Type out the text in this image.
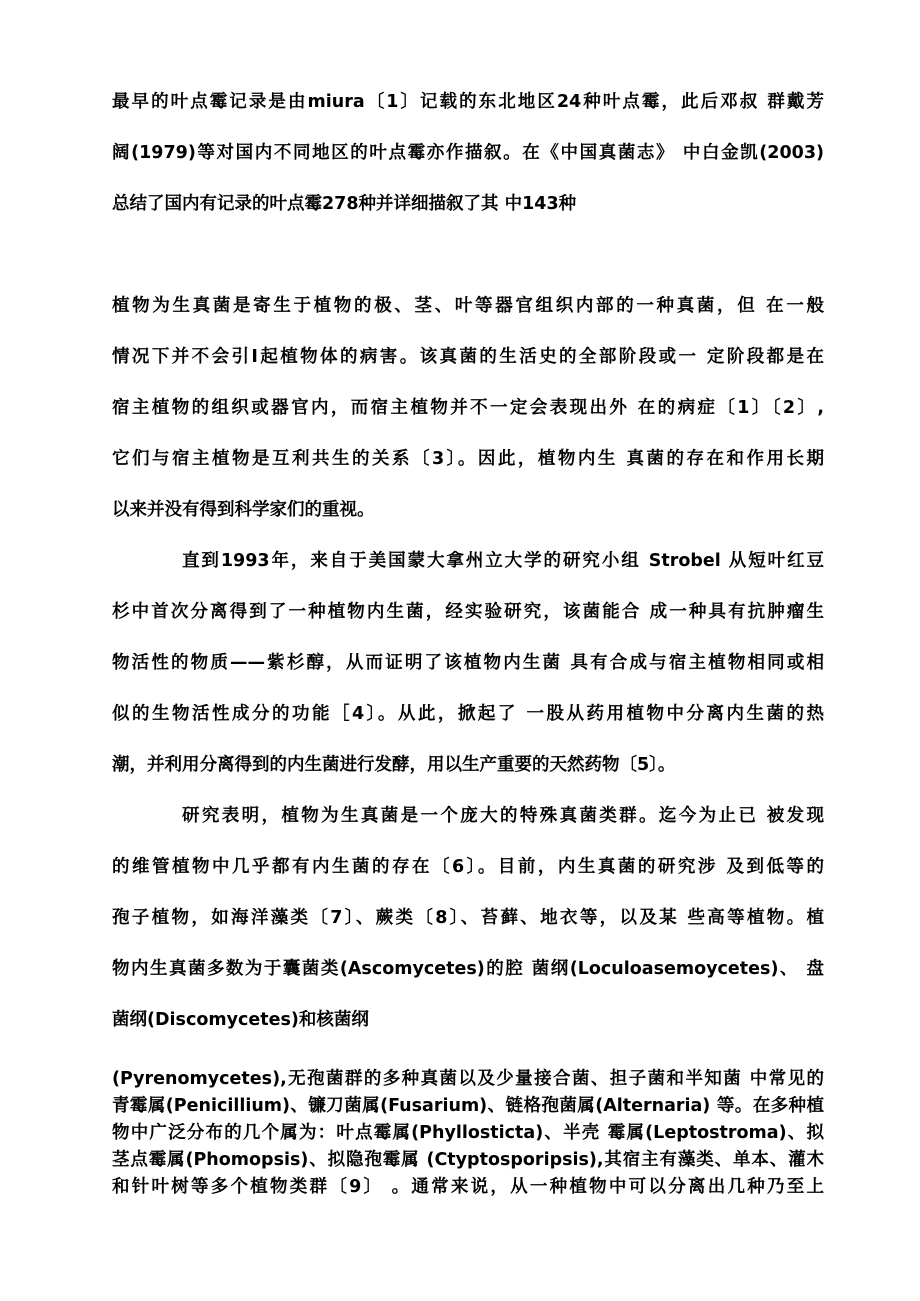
最早的叶点霉记录是由miura〔1〕记载的东北地区24种叶点霉，此后邓叔 群戴芳
阔(1979)等对国内不同地区的叶点霉亦作描叙。在《中国真菌志》 中白金凯(2003)
总结了国内有记录的叶点霉278种并详细描叙了其 中143种
植物为生真菌是寄生于植物的极、茎、叶等器官组织内部的一种真菌，但 在一般
情况下并不会引I起植物体的病害。该真菌的生活史的全部阶段或一 定阶段都是在
宿主植物的组织或器官内，而宿主植物并不一定会表现出外 在的病症〔1〕〔2〕,
它们与宿主植物是互利共生的关系〔3〕。因此，植物内生 真菌的存在和作用长期
以来并没有得到科学家们的重视。
直到1993年，来自于美国蒙大拿州立大学的研究小组 Strobel 从短叶红豆
杉中首次分离得到了一种植物内生菌，经实验研究，该菌能合 成一种具有抗肿瘤生
物活性的物质——紫杉醇，从而证明了该植物内生菌 具有合成与宿主植物相同或相
似的生物活性成分的功能［4〕。从此，掀起了 一股从药用植物中分离内生菌的热
潮，并利用分离得到的内生菌进行发酵，用以生产重要的天然药物〔5〕。
研究表明，植物为生真菌是一个庞大的特殊真菌类群。迄今为止已 被发现
的维管植物中几乎都有内生菌的存在〔6〕。目前，内生真菌的研究涉 及到低等的
孢子植物，如海洋藻类〔7〕、蕨类〔8〕、苔藓、地衣等，以及某 些高等植物。植
物内生真菌多数为于囊菌类(Ascomycetes)的腔 菌纲(Loculoasemoycetes)、 盘
菌纲(Discomycetes)和核菌纲
(Pyrenomycetes),无孢菌群的多种真菌以及少量接合菌、担子菌和半知菌 中常见的
青霉属(Penicillium)、镰刀菌属(Fusarium)、链格孢菌属(Alternaria) 等。在多种植
物中广泛分布的几个属为：叶点霉属(Phyllosticta)、半壳 霉属(Leptostroma)、拟
茎点霉属(Phomopsis)、拟隐孢霉属 (Ctyptosporipsis),其宿主有藻类、单本、灌木
和针叶树等多个植物类群〔9〕 。通常来说，从一种植物中可以分离出几种乃至上
